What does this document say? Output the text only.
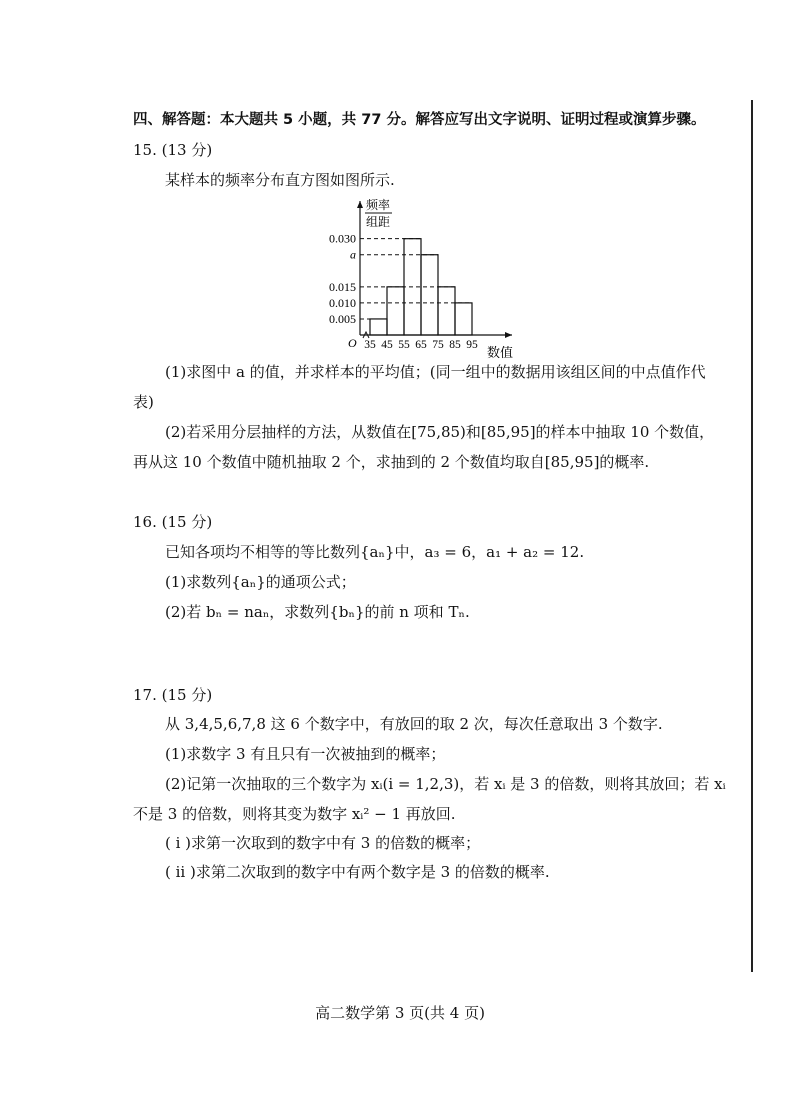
四、解答题：本大题共 5 小题，共 77 分。解答应写出文字说明、证明过程或演算步骤。
15. (13 分)
某样本的频率分布直方图如图所示.
频率
组距
0.005
0.010
0.015
a
0.030
35 45 55 65 75 85 95
O
数值
(1)求图中 a 的值，并求样本的平均值；(同一组中的数据用该组区间的中点值作代
表)
(2)若采用分层抽样的方法，从数值在[75,85)和[85,95]的样本中抽取 10 个数值，
再从这 10 个数值中随机抽取 2 个，求抽到的 2 个数值均取自[85,95]的概率.
16. (15 分)
已知各项均不相等的等比数列{aₙ}中，a₃ = 6，a₁ + a₂ = 12.
(1)求数列{aₙ}的通项公式；
(2)若 bₙ = naₙ，求数列{bₙ}的前 n 项和 Tₙ.
17. (15 分)
从 3,4,5,6,7,8 这 6 个数字中，有放回的取 2 次，每次任意取出 3 个数字.
(1)求数字 3 有且只有一次被抽到的概率；
(2)记第一次抽取的三个数字为 xᵢ(i = 1,2,3)，若 xᵢ 是 3 的倍数，则将其放回；若 xᵢ
不是 3 的倍数，则将其变为数字 xᵢ² − 1 再放回.
( ⅰ )求第一次取到的数字中有 3 的倍数的概率；
( ⅱ )求第二次取到的数字中有两个数字是 3 的倍数的概率.
高二数学第 3 页(共 4 页)
